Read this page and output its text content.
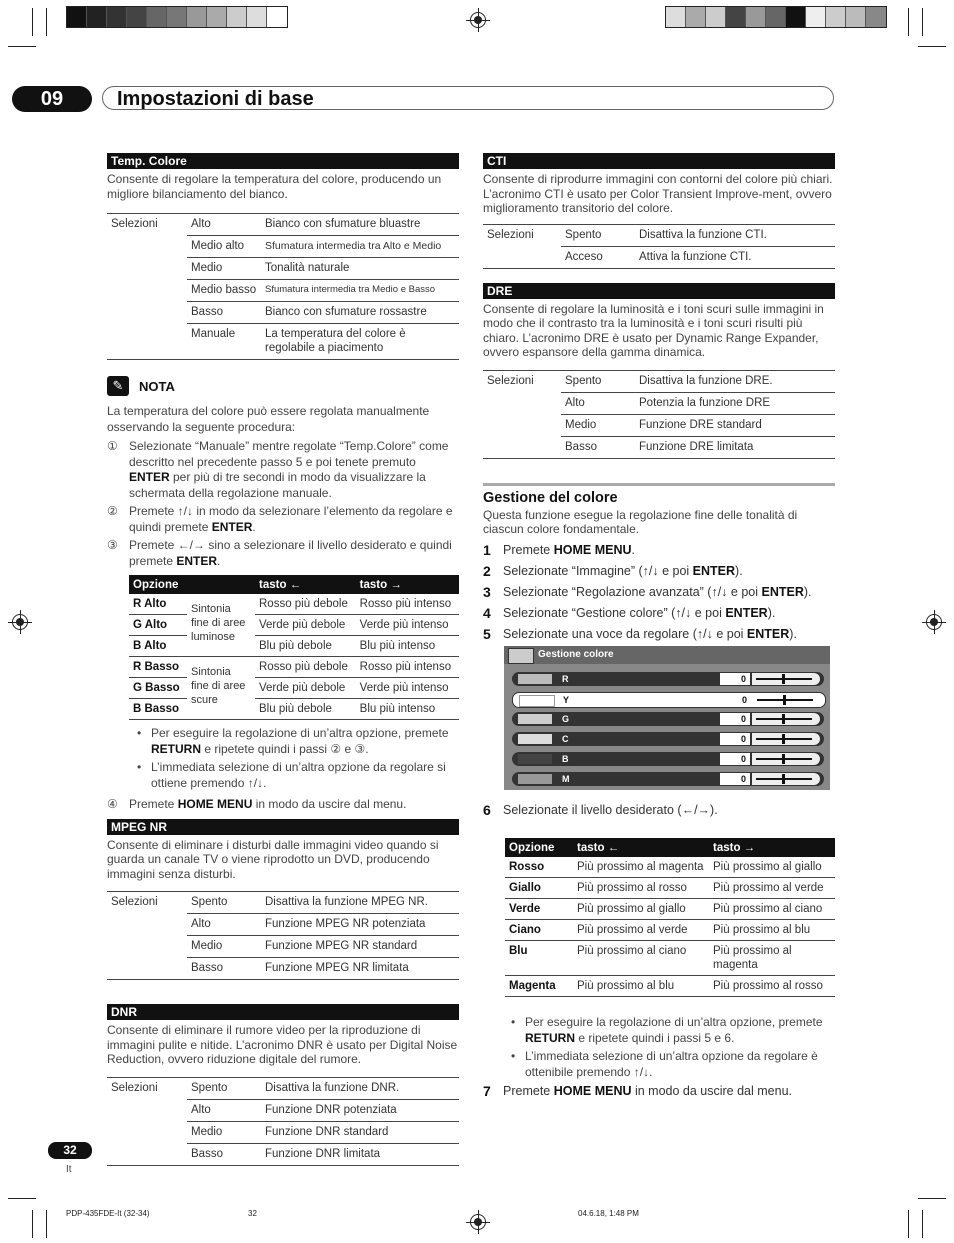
09	Impostazioni di base
Temp. Colore
Consente di regolare la temperatura del colore, producendo un migliore bilanciamento del bianco.
Selezioni	Alto	Bianco con sfumature bluastre
	Medio alto	Sfumatura intermedia tra Alto e Medio
	Medio	Tonalità naturale
	Medio basso	Sfumatura intermedia tra Medio e Basso
	Basso	Bianco con sfumature rossastre
	Manuale	La temperatura del colore è regolabile a piacimento
✎	NOTA
La temperatura del colore può essere regolata manualmente osservando la seguente procedura:
① Selezionate “Manuale” mentre regolate “Temp.Colore” come descritto nel precedente passo 5 e poi tenete premuto ENTER per più di tre secondi in modo da visualizzare la schermata della regolazione manuale.
② Premete ↑/↓ in modo da selezionare l’elemento da regolare e quindi premete ENTER.
③ Premete ←/→ sino a selezionare il livello desiderato e quindi premete ENTER.
Opzione		tasto ←	tasto →
R Alto	Sintonia fine di aree luminose	Rosso più debole	Rosso più intenso
G Alto		Verde più debole	Verde più intenso
B Alto		Blu più debole	Blu più intenso
R Basso	Sintonia fine di aree scure	Rosso più debole	Rosso più intenso
G Basso		Verde più debole	Verde più intenso
B Basso		Blu più debole	Blu più intenso
• Per eseguire la regolazione di un’altra opzione, premete RETURN e ripetete quindi i passi ② e ③.
• L’immediata selezione di un’altra opzione da regolare si ottiene premendo ↑/↓.
④ Premete HOME MENU in modo da uscire dal menu.
MPEG NR
Consente di eliminare i disturbi dalle immagini video quando si guarda un canale TV o viene riprodotto un DVD, producendo immagini senza disturbi.
Selezioni	Spento	Disattiva la funzione MPEG NR.
	Alto	Funzione MPEG NR potenziata
	Medio	Funzione MPEG NR standard
	Basso	Funzione MPEG NR limitata
DNR
Consente di eliminare il rumore video per la riproduzione di immagini pulite e nitide. L’acronimo DNR è usato per Digital Noise Reduction, ovvero riduzione digitale del rumore.
Selezioni	Spento	Disattiva la funzione DNR.
	Alto	Funzione DNR potenziata
	Medio	Funzione DNR standard
	Basso	Funzione DNR limitata
CTI
Consente di riprodurre immagini con contorni del colore più chiari. L’acronimo CTI è usato per Color Transient Improve-ment, ovvero miglioramento transitorio del colore.
Selezioni	Spento	Disattiva la funzione CTI.
	Acceso	Attiva la funzione CTI.
DRE
Consente di regolare la luminosità e i toni scuri sulle immagini in modo che il contrasto tra la luminosità e i toni scuri risulti più chiaro. L’acronimo DRE è usato per Dynamic Range Expander, ovvero espansore della gamma dinamica.
Selezioni	Spento	Disattiva la funzione DRE.
	Alto	Potenzia la funzione DRE
	Medio	Funzione DRE standard
	Basso	Funzione DRE limitata
Gestione del colore
Questa funzione esegue la regolazione fine delle tonalità di ciascun colore fondamentale.
1 Premete HOME MENU.
2 Selezionate “Immagine” (↑/↓ e poi ENTER).
3 Selezionate “Regolazione avanzata” (↑/↓ e poi ENTER).
4 Selezionate “Gestione colore” (↑/↓ e poi ENTER).
5 Selezionate una voce da regolare (↑/↓ e poi ENTER).
Gestione colore
R	0
Y	0
G	0
C	0
B	0
M	0
6 Selezionate il livello desiderato (←/→).
Opzione	tasto ←	tasto →
Rosso	Più prossimo al magenta	Più prossimo al giallo
Giallo	Più prossimo al rosso	Più prossimo al verde
Verde	Più prossimo al giallo	Più prossimo al ciano
Ciano	Più prossimo al verde	Più prossimo al blu
Blu	Più prossimo al ciano	Più prossimo al magenta
Magenta	Più prossimo al blu	Più prossimo al rosso
• Per eseguire la regolazione di un’altra opzione, premete RETURN e ripetete quindi i passi 5 e 6.
• L’immediata selezione di un’altra opzione da regolare è ottenibile premendo ↑/↓.
7 Premete HOME MENU in modo da uscire dal menu.
32
It
PDP-435FDE-It (32-34)	32	04.6.18, 1:48 PM
